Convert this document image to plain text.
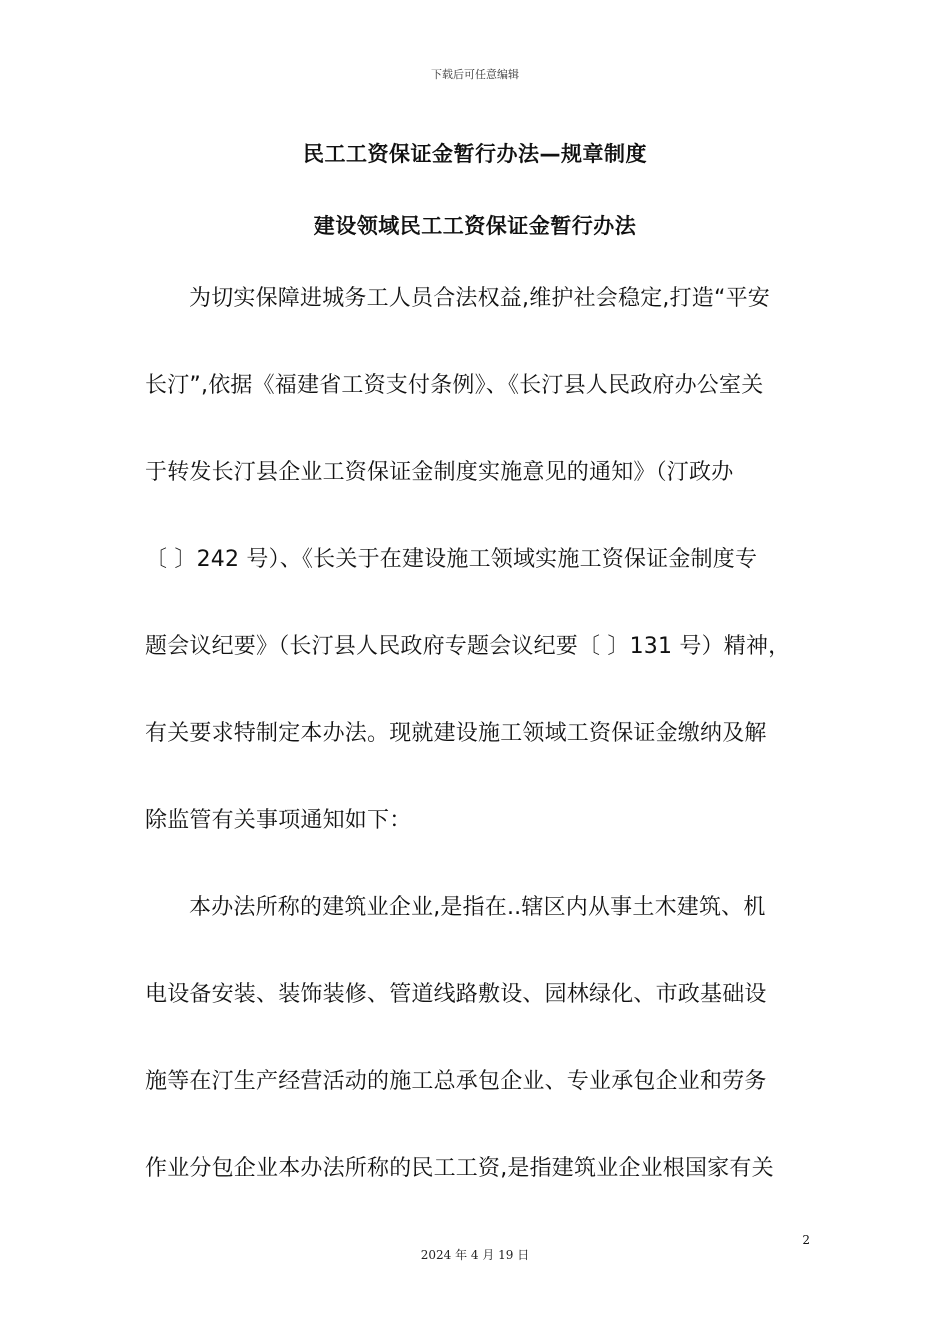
下载后可任意编辑
民工工资保证金暂行办法—规章制度
建设领域民工工资保证金暂行办法
为切实保障进城务工人员合法权益,维护社会稳定,打造“平安
长汀”,依据《福建省工资支付条例》、《长汀县人民政府办公室关
于转发长汀县企业工资保证金制度实施意见的通知》（汀政办
〔 〕242 号）、《长关于在建设施工领域实施工资保证金制度专
题会议纪要》（长汀县人民政府专题会议纪要〔 〕131 号）精神，
有关要求特制定本办法。现就建设施工领域工资保证金缴纳及解
除监管有关事项通知如下：
本办法所称的建筑业企业,是指在..辖区内从事土木建筑、机
电设备安装、装饰装修、管道线路敷设、园林绿化、市政基础设
施等在汀生产经营活动的施工总承包企业、专业承包企业和劳务
作业分包企业本办法所称的民工工资,是指建筑业企业根国家有关
2
2024 年 4 月 19 日
